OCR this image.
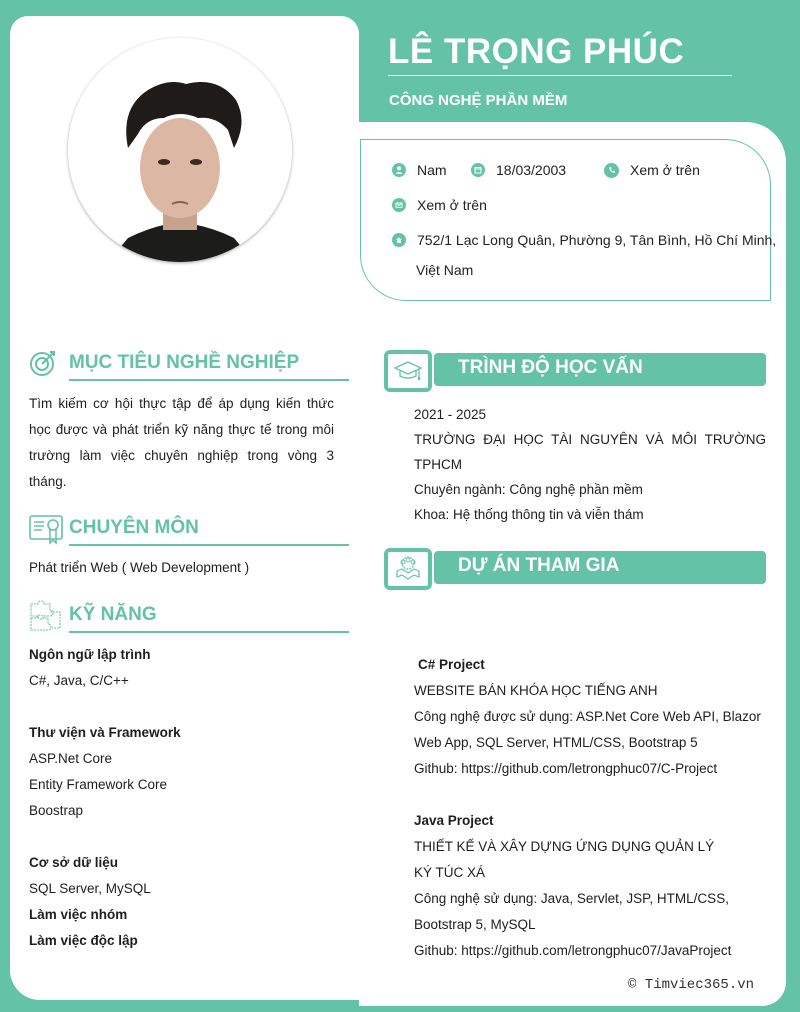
LÊ TRỌNG PHÚC
CÔNG NGHỆ PHẦN MỀM
Nam	18/03/2003	Xem ở trên
Xem ở trên
752/1 Lạc Long Quân, Phường 9, Tân Bình, Hồ Chí Minh,
Việt Nam
MỤC TIÊU NGHỀ NGHIỆP
Tìm kiếm cơ hội thực tập để áp dụng kiến thức học được và phát triển kỹ năng thực tế trong môi trường làm việc chuyên nghiệp trong vòng 3 tháng.
CHUYÊN MÔN
Phát triển Web ( Web Development )
KỸ NĂNG
Ngôn ngữ lập trình
C#, Java, C/C++
Thư viện và Framework
ASP.Net Core
Entity Framework Core
Boostrap
Cơ sở dữ liệu
SQL Server, MySQL
Làm việc nhóm
Làm việc độc lập
TRÌNH ĐỘ HỌC VẤN
2021 - 2025
TRƯỜNG ĐẠI HỌC TÀI NGUYÊN VÀ MÔI TRƯỜNG
TPHCM
Chuyên ngành: Công nghệ phần mềm
Khoa: Hệ thống thông tin và viễn thám
DỰ ÁN THAM GIA
C# Project
WEBSITE BÁN KHÓA HỌC TIẾNG ANH
Công nghệ được sử dụng: ASP.Net Core Web API, Blazor
Web App, SQL Server, HTML/CSS, Bootstrap 5
Github: https://github.com/letrongphuc07/C-Project
Java Project
THIẾT KẾ VÀ XÂY DỰNG ỨNG DỤNG QUẢN LÝ
KÝ TÚC XÁ
Công nghệ sử dụng: Java, Servlet, JSP, HTML/CSS,
Bootstrap 5, MySQL
Github: https://github.com/letrongphuc07/JavaProject
© Timviec365.vn
